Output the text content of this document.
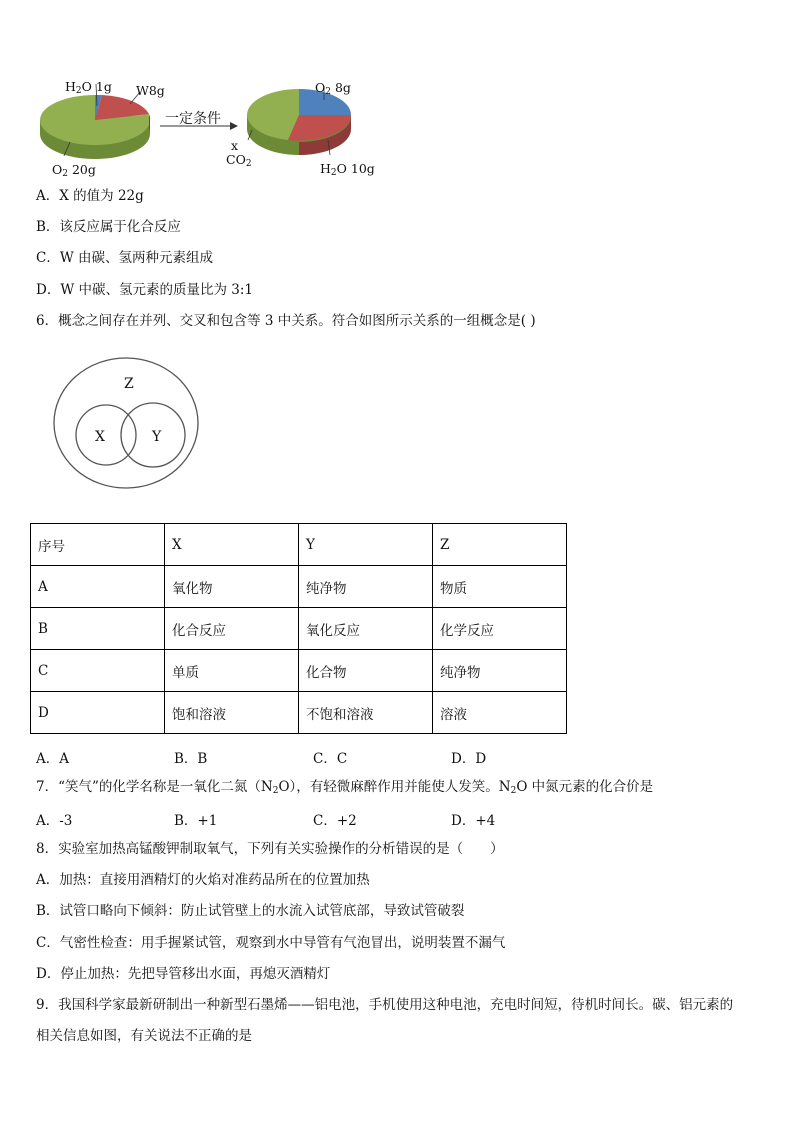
$H_2O$ 1g W8g
$O_2$ 20g
一定条件
$O_2$ 8g
x
$CO_2$	$H_2O$ 10g
A．X 的值为 22g
B．该反应属于化合反应
C．W 由碳、氢两种元素组成
D．W 中碳、氢元素的质量比为 3:1
6．概念之间存在并列、交叉和包含等 3 中关系。符合如图所示关系的一组概念是( )
Z
X	Y
序号	X	Y	Z
A	氧化物	纯净物	物质
B	化合反应	氧化反应	化学反应
C	单质	化合物	纯净物
D	饱和溶液	不饱和溶液	溶液
A．A	B．B	C．C	D．D
7．“笑气”的化学名称是一氧化二氮$(N_2O)$，有轻微麻醉作用并能使人发笑。$N_2O$ 中氮元素的化合价是
A．-3	B．+1	C．+2	D．+4
8．实验室加热高锰酸钾制取氧气，下列有关实验操作的分析错误的是（　　）
A．加热：直接用酒精灯的火焰对准药品所在的位置加热
B．试管口略向下倾斜：防止试管壁上的水流入试管底部，导致试管破裂
C．气密性检查：用手握紧试管，观察到水中导管有气泡冒出，说明装置不漏气
D．停止加热：先把导管移出水面，再熄灭酒精灯
9．我国科学家最新研制出一种新型石墨烯——铝电池，手机使用这种电池，充电时间短，待机时间长。碳、铝元素的
相关信息如图，有关说法不正确的是
